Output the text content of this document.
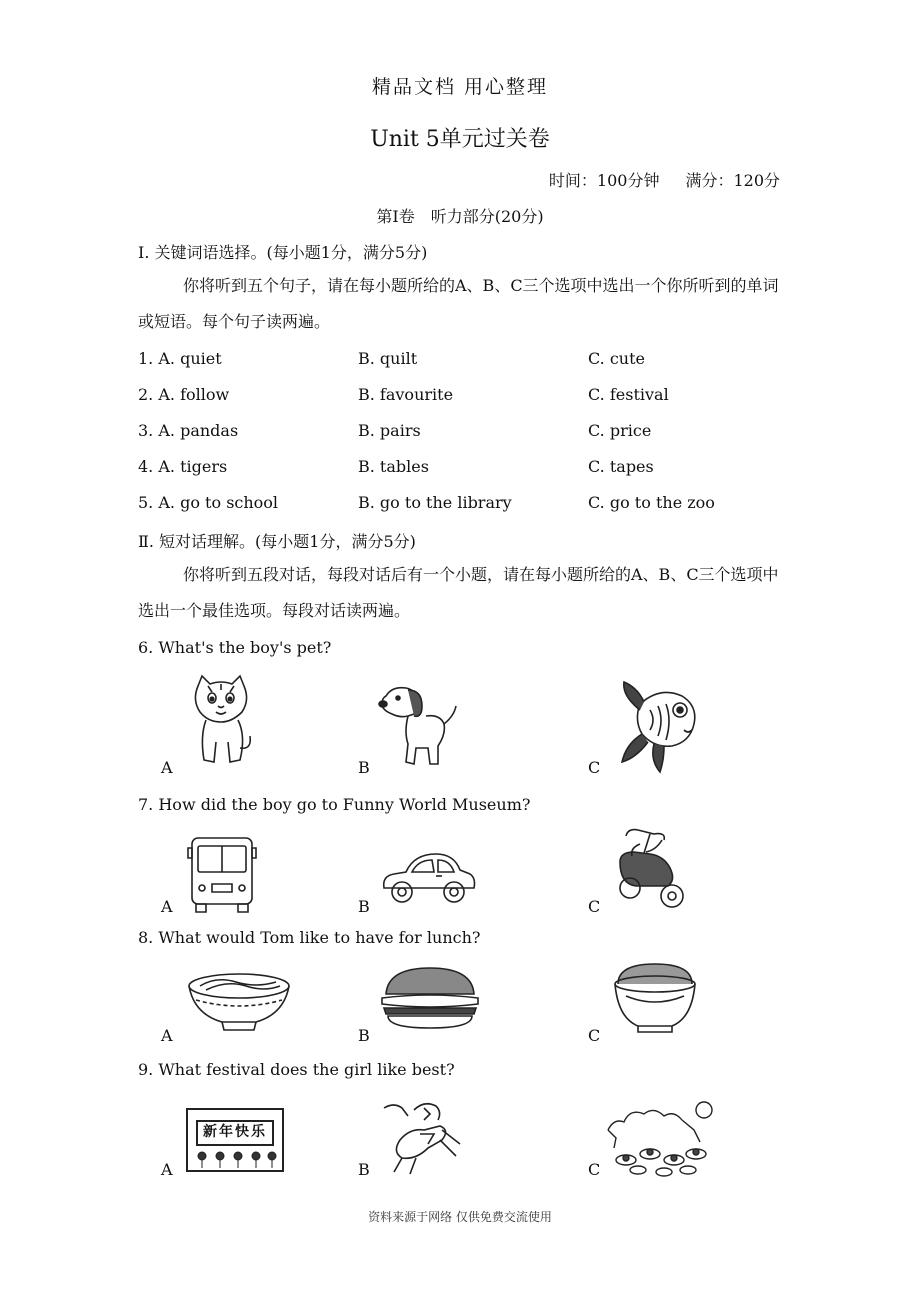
精品文档 用心整理
Unit 5单元过关卷
时间：100分钟 满分：120分
第Ⅰ卷　听力部分(20分)
Ⅰ. 关键词语选择。(每小题1分，满分5分)
你将听到五个句子，请在每小题所给的A、B、C三个选项中选出一个你所听到的单词或短语。每个句子读两遍。
1. A. quiet	B. quilt	C. cute
2. A. follow	B. favourite	C. festival
3. A. pandas	B. pairs	C. price
4. A. tigers	B. tables	C. tapes
5. A. go to school	B. go to the library	C. go to the zoo
Ⅱ. 短对话理解。(每小题1分，满分5分)
你将听到五段对话，每段对话后有一个小题，请在每小题所给的A、B、C三个选项中选出一个最佳选项。每段对话读两遍。
6. What's the boy's pet?
A	B	C
7. How did the boy go to Funny World Museum?
A	B	C
8. What would Tom like to have for lunch?
A	B	C
9. What festival does the girl like best?
A	B	C
新年快乐
资料来源于网络 仅供免费交流使用
